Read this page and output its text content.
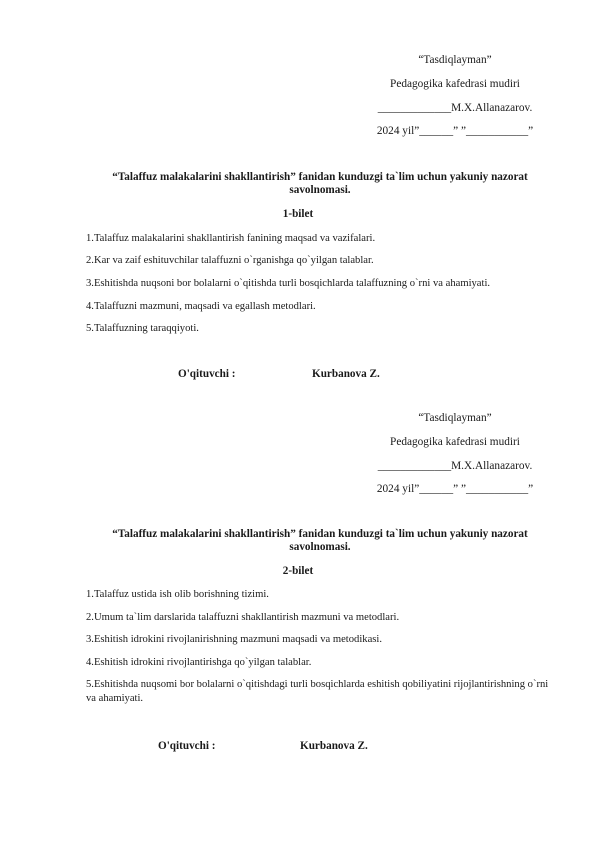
“Tasdiqlayman”
Pedagogika kafedrasi mudiri
_____________M.X.Allanazarov.
2024 yil”______” ”___________”
“Talaffuz malakalarini shakllantirish” fanidan kunduzgi ta`lim uchun yakuniy nazorat savolnomasi.
1-bilet
1.Talaffuz malakalarini shakllantirish fanining maqsad va vazifalari.
2.Kar va zaif eshituvchilar talaffuzni o`rganishga qo`yilgan talablar.
3.Eshitishda nuqsoni bor bolalarni o`qitishda turli bosqichlarda talaffuzning o`rni va ahamiyati.
4.Talaffuzni mazmuni, maqsadi va egallash metodlari.
5.Talaffuzning taraqqiyoti.
O'qituvchi :	Kurbanova Z.
“Tasdiqlayman”
Pedagogika kafedrasi mudiri
_____________M.X.Allanazarov.
2024 yil”______” ”___________”
“Talaffuz malakalarini shakllantirish” fanidan kunduzgi ta`lim uchun yakuniy nazorat savolnomasi.
2-bilet
1.Talaffuz ustida ish olib borishning tizimi.
2.Umum ta`lim darslarida talaffuzni shakllantirish mazmuni va metodlari.
3.Eshitish idrokini rivojlanirishning mazmuni maqsadi va metodikasi.
4.Eshitish idrokini rivojlantirishga qo`yilgan talablar.
5.Eshitishda nuqsomi bor bolalarni o`qitishdagi turli bosqichlarda eshitish qobiliyatini rijojlantirishning o`rni va ahamiyati.
O'qituvchi :	Kurbanova Z.
